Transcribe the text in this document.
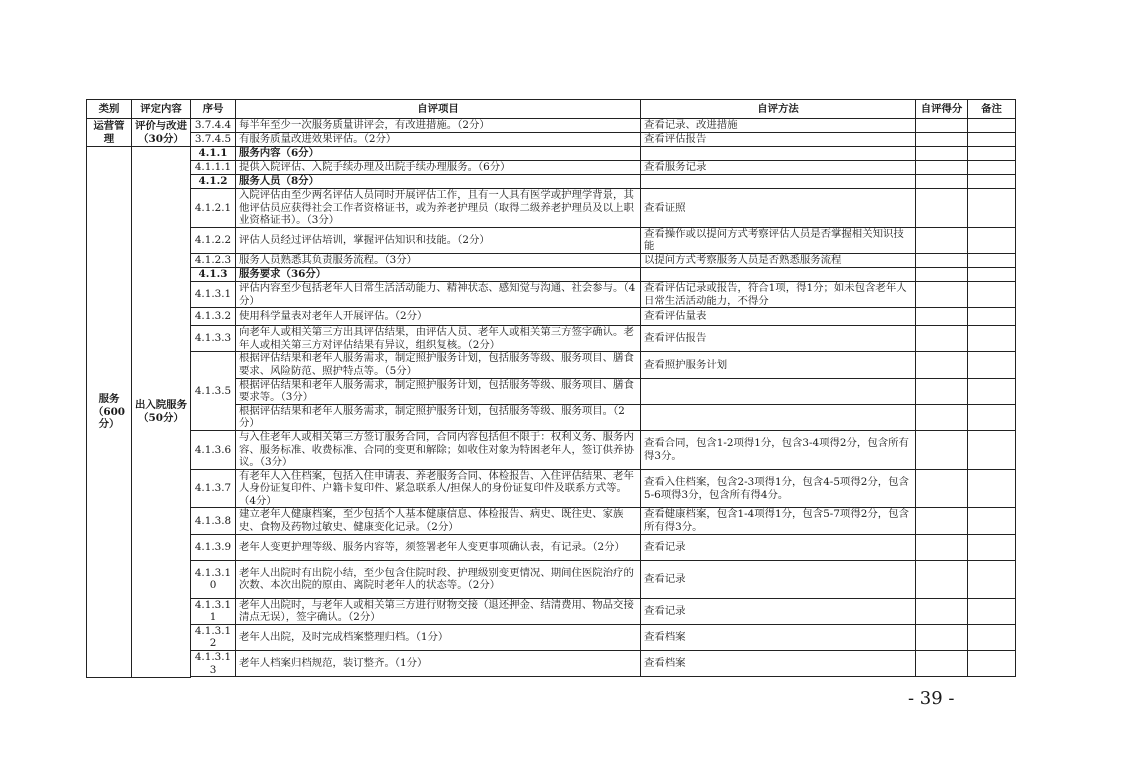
类别	评定内容	序号	自评项目	自评方法	自评得分	备注
运营管理	评价与改进（30分）	3.7.4.4	每半年至少一次服务质量讲评会，有改进措施。（2分）	查看记录、改进措施		
		3.7.4.5	有服务质量改进效果评估。（2分）	查看评估报告		
服务（600分）	出入院服务（50分）	4.1.1	服务内容（6分）			
		4.1.1.1	提供入院评估、入院手续办理及出院手续办理服务。（6分）	查看服务记录		
		4.1.2	服务人员（8分）			
		4.1.2.1	入院评估由至少两名评估人员同时开展评估工作，且有一人具有医学或护理学背景，其他评估员应获得社会工作者资格证书，或为养老护理员（取得二级养老护理员及以上职业资格证书）。（3分）	查看证照		
		4.1.2.2	评估人员经过评估培训，掌握评估知识和技能。（2分）	查看操作或以提问方式考察评估人员是否掌握相关知识技能		
		4.1.2.3	服务人员熟悉其负责服务流程。（3分）	以提问方式考察服务人员是否熟悉服务流程		
		4.1.3	服务要求（36分）			
		4.1.3.1	评估内容至少包括老年人日常生活活动能力、精神状态、感知觉与沟通、社会参与。（4分）	查看评估记录或报告，符合1项，得1分；如未包含老年人日常生活活动能力，不得分		
		4.1.3.2	使用科学量表对老年人开展评估。（2分）	查看评估量表		
		4.1.3.3	向老年人或相关第三方出具评估结果，由评估人员、老年人或相关第三方签字确认。老年人或相关第三方对评估结果有异议，组织复核。（2分）	查看评估报告		
		4.1.3.5	根据评估结果和老年人服务需求，制定照护服务计划，包括服务等级、服务项目、膳食要求、风险防范、照护特点等。（5分）	查看照护服务计划		
			根据评估结果和老年人服务需求，制定照护服务计划，包括服务等级、服务项目、膳食要求等。（3分）			
			根据评估结果和老年人服务需求，制定照护服务计划，包括服务等级、服务项目。（2分）			
		4.1.3.6	与入住老年人或相关第三方签订服务合同，合同内容包括但不限于：权利义务、服务内容、服务标准、收费标准、合同的变更和解除；如收住对象为特困老年人，签订供养协议。（3分）	查看合同，包含1-2项得1分，包含3-4项得2分，包含所有得3分。		
		4.1.3.7	有老年人入住档案，包括入住申请表、养老服务合同、体检报告、入住评估结果、老年人身份证复印件、户籍卡复印件、紧急联系人/担保人的身份证复印件及联系方式等。（4分）	查看入住档案，包含2-3项得1分，包含4-5项得2分，包含5-6项得3分，包含所有得4分。		
		4.1.3.8	建立老年人健康档案，至少包括个人基本健康信息、体检报告、病史、既往史、家族史、食物及药物过敏史、健康变化记录。（2分）	查看健康档案，包含1-4项得1分，包含5-7项得2分，包含所有得3分。		
		4.1.3.9	老年人变更护理等级、服务内容等，须签署老年人变更事项确认表，有记录。（2分）	查看记录		
		4.1.3.10	老年人出院时有出院小结，至少包含住院时段、护理级别变更情况、期间住医院治疗的次数、本次出院的原由、离院时老年人的状态等。（2分）	查看记录		
		4.1.3.11	老年人出院时，与老年人或相关第三方进行财物交接（退还押金、结清费用、物品交接清点无误），签字确认。（2分）	查看记录		
		4.1.3.12	老年人出院，及时完成档案整理归档。（1分）	查看档案		
		4.1.3.13	老年人档案归档规范，装订整齐。（1分）	查看档案		

- 39 -
